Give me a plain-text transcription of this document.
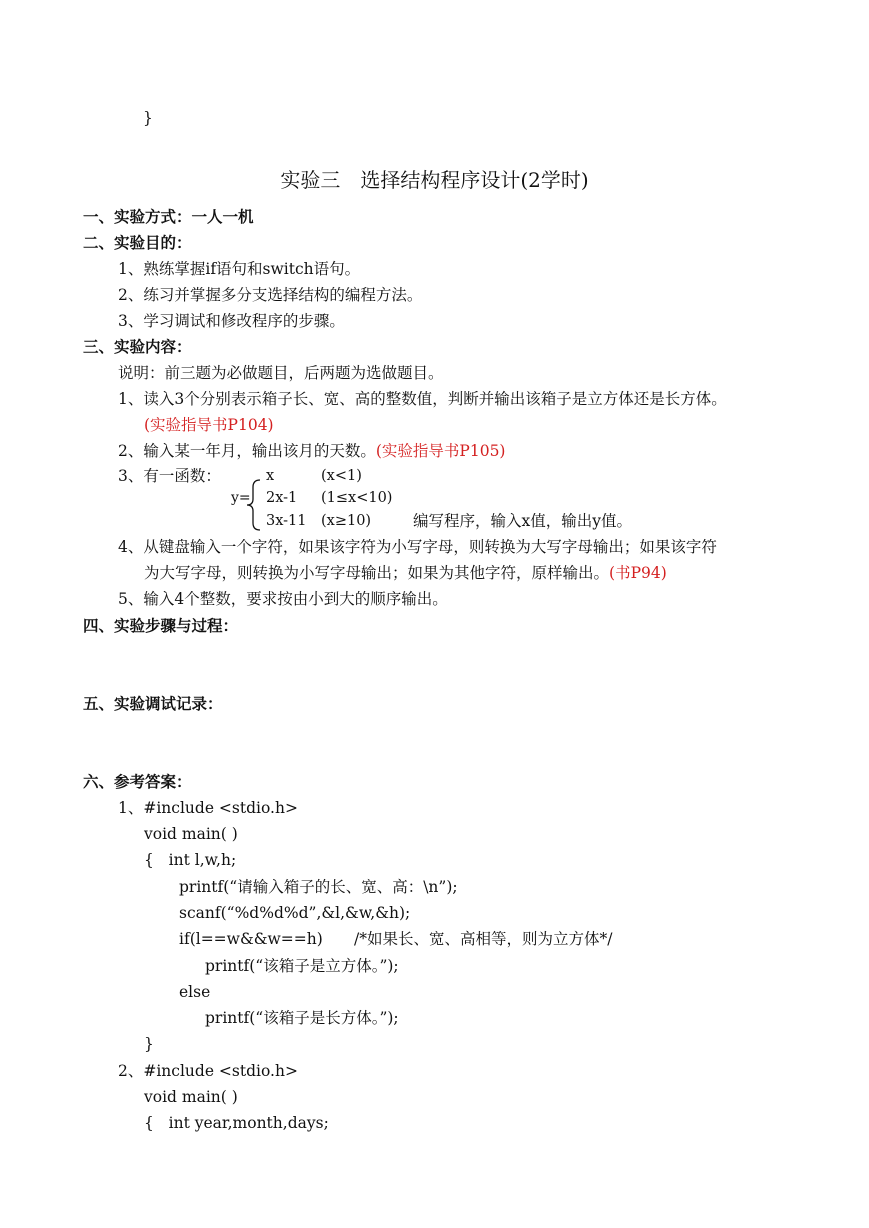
}
实验三　选择结构程序设计(2学时)
一、实验方式：一人一机
二、实验目的：
1、熟练掌握if语句和switch语句。
2、练习并掌握多分支选择结构的编程方法。
3、学习调试和修改程序的步骤。
三、实验内容：
说明：前三题为必做题目，后两题为选做题目。
1、读入3个分别表示箱子长、宽、高的整数值，判断并输出该箱子是立方体还是长方体。
(实验指导书P104)
2、输入某一年月，输出该月的天数。(实验指导书P105)
3、有一函数：
y=
x	(x<1)
2x-1 (1≤x<10)
3x-11 (x≥10)	编写程序，输入x值，输出y值。
4、从键盘输入一个字符，如果该字符为小写字母，则转换为大写字母输出；如果该字符
为大写字母，则转换为小写字母输出；如果为其他字符，原样输出。(书P94)
5、输入4个整数，要求按由小到大的顺序输出。
四、实验步骤与过程：
五、实验调试记录：
六、参考答案：
1、#include <stdio.h>
void main( )
{   int l,w,h;
printf(“请输入箱子的长、宽、高：\n”);
scanf(“%d%d%d”,&l,&w,&h);
if(l==w&&w==h) /*如果长、宽、高相等，则为立方体*/
printf(“该箱子是立方体。”);
else
printf(“该箱子是长方体。”);
}
2、#include <stdio.h>
void main( )
{   int year,month,days;
